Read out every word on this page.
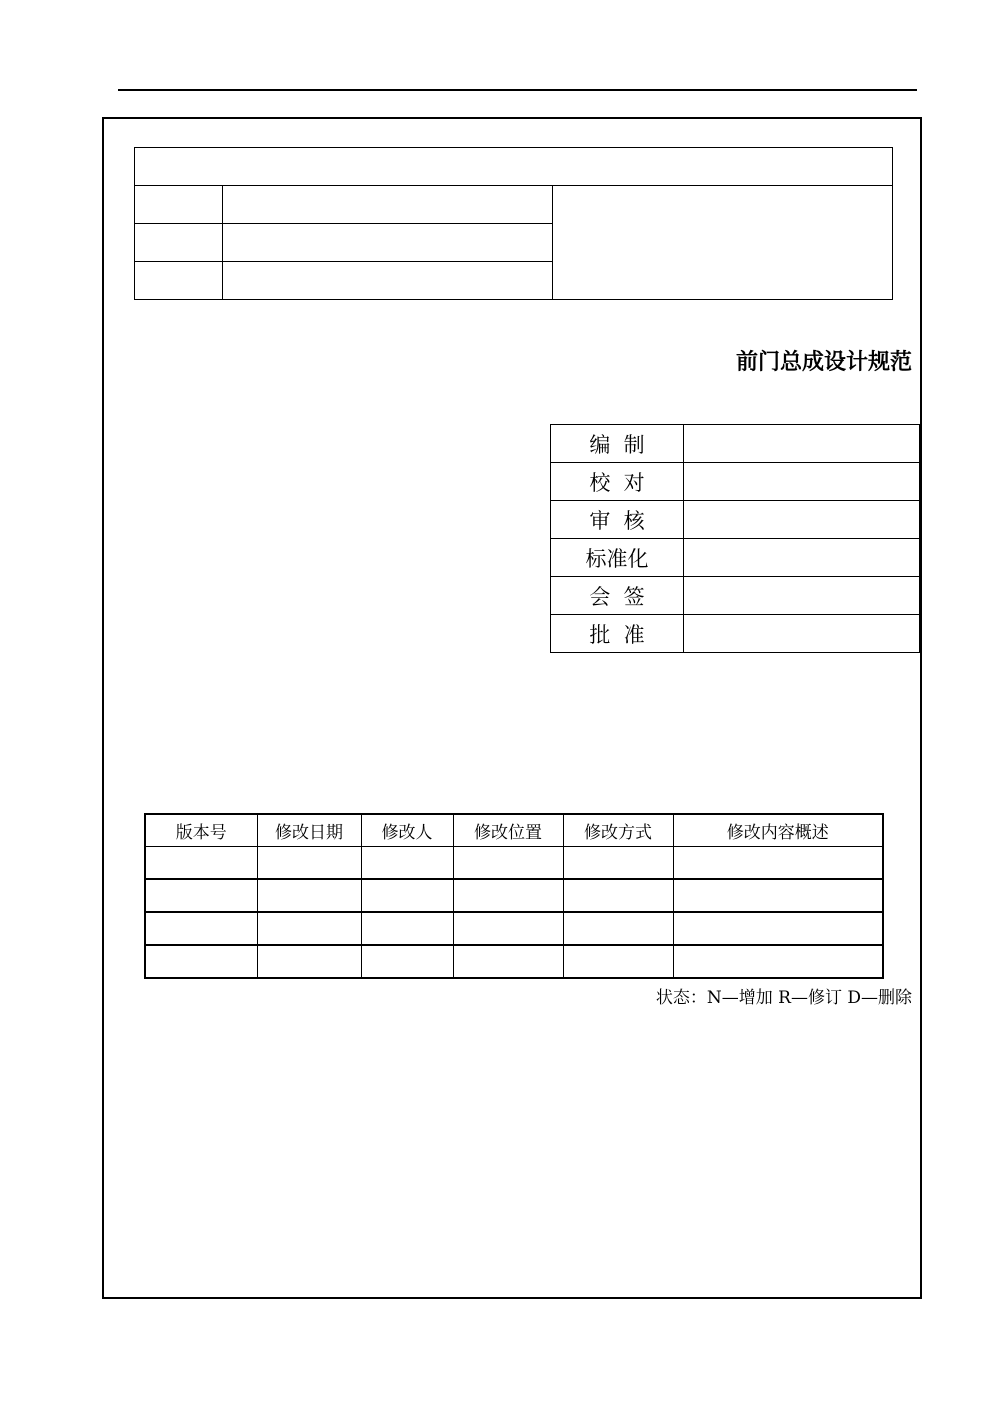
前门总成设计规范
编  制	
校  对	
审  核	
标准化	
会  签	
批  准	
版本号	修改日期	修改人	修改位置	修改方式	修改内容概述

状态：N—增加 R—修订 D—删除
